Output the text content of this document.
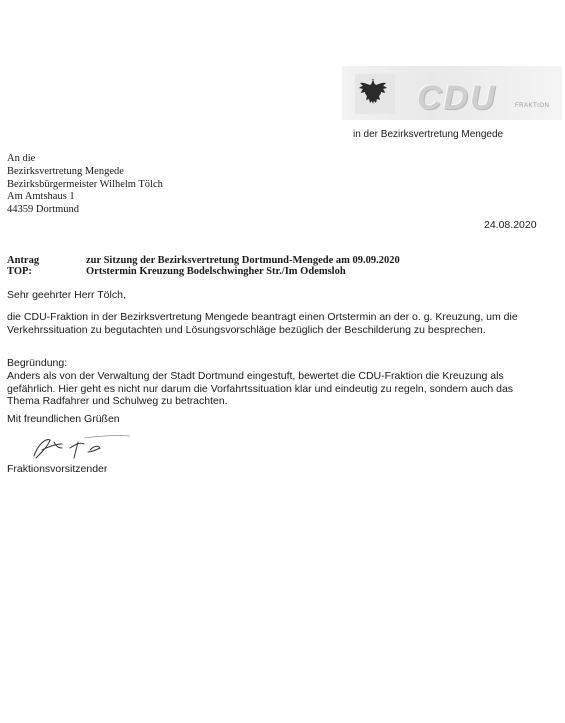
CDU	FRAKTION
in der Bezirksvertretung Mengede
An die
Bezirksvertretung Mengede
Bezirksbürgermeister Wilhelm Tölch
Am Amtshaus 1
44359 Dortmund
24.08.2020
Antrag	zur Sitzung der Bezirksvertretung Dortmund-Mengede am 09.09.2020
TOP:	Ortstermin Kreuzung Bodelschwingher Str./Im Odemsloh
Sehr geehrter Herr Tölch,
die CDU-Fraktion in der Bezirksvertretung Mengede beantragt einen Ortstermin an der o. g. Kreuzung, um die Verkehrssituation zu begutachten und Lösungsvorschläge bezüglich der Beschilderung zu besprechen.
Begründung:
Anders als von der Verwaltung der Stadt Dortmund eingestuft, bewertet die CDU-Fraktion die Kreuzung als gefährlich. Hier geht es nicht nur darum die Vorfahrtssituation klar und eindeutig zu regeln, sondern auch das Thema Radfahrer und Schulweg zu betrachten.
Mit freundlichen Grüßen
Fraktionsvorsitzender
